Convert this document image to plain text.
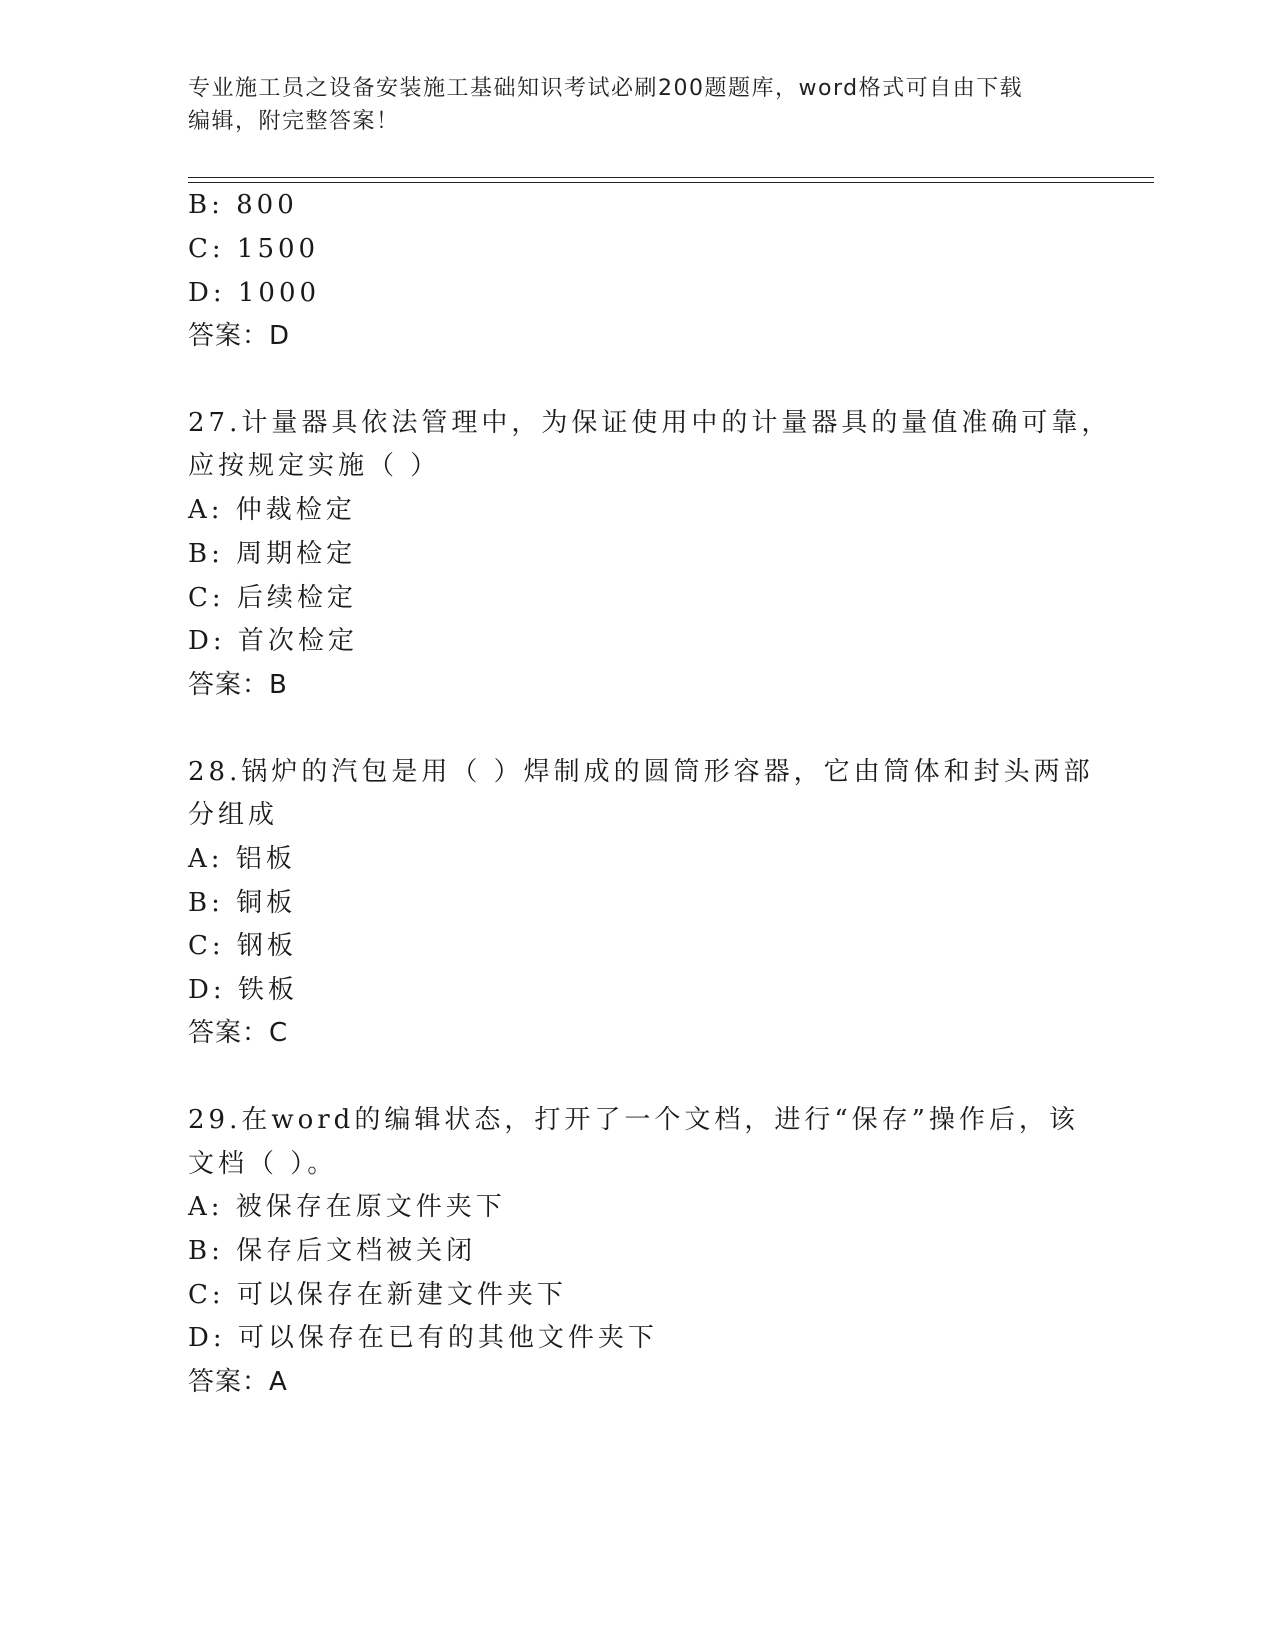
专业施工员之设备安装施工基础知识考试必刷200题题库，word格式可自由下载
编辑，附完整答案！
B: 800
C: 1500
D: 1000
答案：D
27.计量器具依法管理中，为保证使用中的计量器具的量值准确可靠，
应按规定实施（ ）
A: 仲裁检定
B: 周期检定
C: 后续检定
D: 首次检定
答案：B
28.锅炉的汽包是用（ ）焊制成的圆筒形容器，它由筒体和封头两部
分组成
A: 铝板
B: 铜板
C: 钢板
D: 铁板
答案：C
29.在word的编辑状态，打开了一个文档，进行“保存”操作后，该
文档（ ）。
A: 被保存在原文件夹下
B: 保存后文档被关闭
C: 可以保存在新建文件夹下
D: 可以保存在已有的其他文件夹下
答案：A
